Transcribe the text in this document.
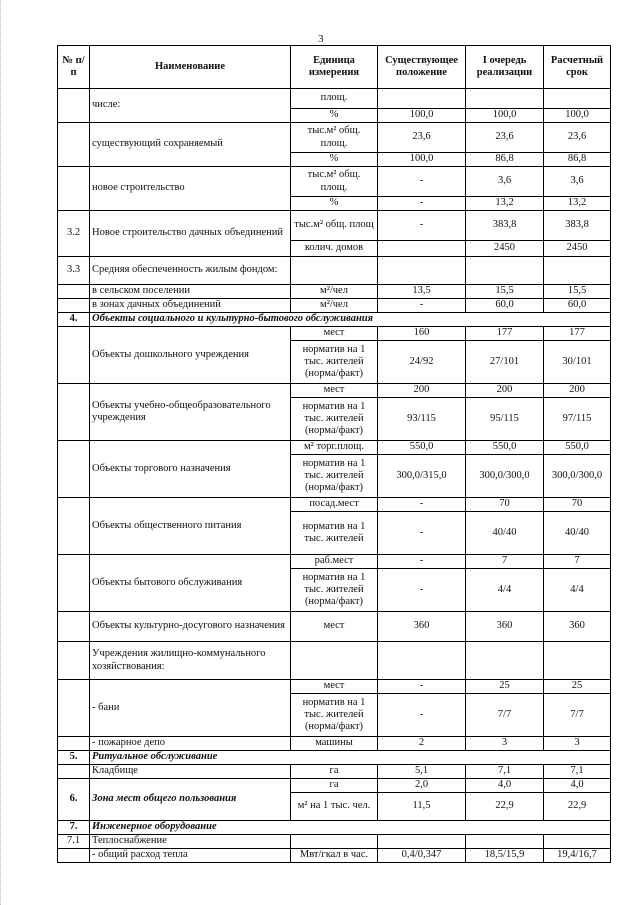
3
№ п/п	Наименование	Единица измерения	Существующее положение	I очередь реализации	Расчетный срок
	числе:	площ.			
		%	100,0	100,0	100,0
	существующий сохраняемый	тыс.м² общ. площ.	23,6	23,6	23,6
		%	100,0	86,8	86,8
	новое строительство	тыс.м² общ. площ.	-	3,6	3,6
		%	-	13,2	13,2
3.2	Новое строительство дачных объединений	тыс.м² общ. площ	-	383,8	383,8
		колич. домов		2450	2450
3.3	Средняя обеспеченность жилым фондом:				
	в сельском поселении	м²/чел	13,5	15,5	15,5
	в зонах дачных объединений	м²/чел	-	60,0	60,0
4.	Объекты социального и культурно-бытового обслуживания				
	Объекты дошкольного учреждения	мест	160	177	177
		норматив на 1 тыс. жителей (норма/факт)	24/92	27/101	30/101
	Объекты учебно-общеобразовательного учреждения	мест	200	200	200
		норматив на 1 тыс. жителей (норма/факт)	93/115	95/115	97/115
	Объекты торгового назначения	м² торг.площ.	550,0	550,0	550,0
		норматив на 1 тыс. жителей (норма/факт)	300,0/315,0	300,0/300,0	300,0/300,0
	Объекты общественного питания	посад.мест	-	70	70
		норматив на 1 тыс. жителей	-	40/40	40/40
	Объекты бытового обслуживания	раб.мест	-	7	7
		норматив на 1 тыс. жителей (норма/факт)	-	4/4	4/4
	Объекты культурно-досугового назначения	мест	360	360	360
	Учреждения жилищно-коммунального хозяйствования:				
	- бани	мест	-	25	25
		норматив на 1 тыс. жителей (норма/факт)	-	7/7	7/7
	- пожарное депо	машины	2	3	3
5.	Ритуальное обслуживание				
	Кладбище	га	5,1	7,1	7,1
6.	Зона мест общего пользования	га	2,0	4,0	4,0
		м² на 1 тыс. чел.	11,5	22,9	22,9
7.	Инженерное оборудование				
7.1	Теплоснабжение				
	- общий расход тепла	Мвт/гкал в час.	0,4/0,347	18,5/15,9	19,4/16,7
